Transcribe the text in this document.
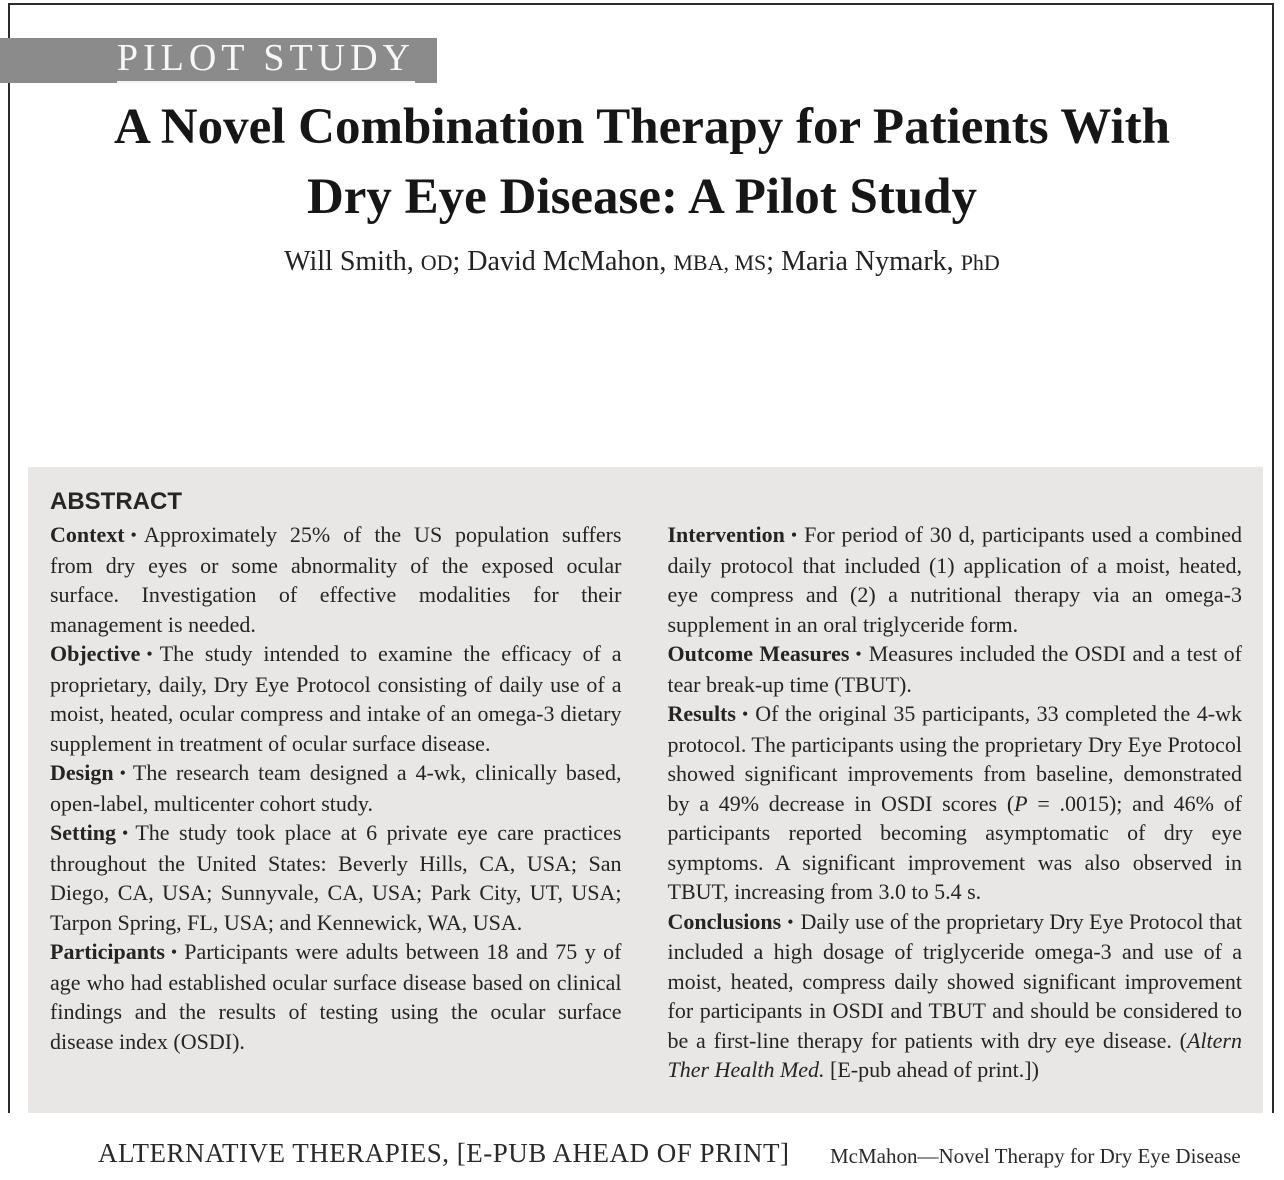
PILOT STUDY
A Novel Combination Therapy for Patients With
Dry Eye Disease: A Pilot Study
Will Smith, OD; David McMahon, MBA, MS; Maria Nymark, PhD
ABSTRACT

Context • Approximately 25% of the US population suffers from dry eyes or some abnormality of the exposed ocular surface. Investigation of effective modalities for their management is needed.

Objective • The study intended to examine the efficacy of a proprietary, daily, Dry Eye Protocol consisting of daily use of a moist, heated, ocular compress and intake of an omega-3 dietary supplement in treatment of ocular surface disease.

Design • The research team designed a 4-wk, clinically based, open-label, multicenter cohort study.

Setting • The study took place at 6 private eye care practices throughout the United States: Beverly Hills, CA, USA; San Diego, CA, USA; Sunnyvale, CA, USA; Park City, UT, USA; Tarpon Spring, FL, USA; and Kennewick, WA, USA.

Participants • Participants were adults between 18 and 75 y of age who had established ocular surface disease based on clinical findings and the results of testing using the ocular surface disease index (OSDI).

Intervention • For period of 30 d, participants used a combined daily protocol that included (1) application of a moist, heated, eye compress and (2) a nutritional therapy via an omega-3 supplement in an oral triglyceride form.

Outcome Measures • Measures included the OSDI and a test of tear break-up time (TBUT).

Results • Of the original 35 participants, 33 completed the 4-wk protocol. The participants using the proprietary Dry Eye Protocol showed significant improvements from baseline, demonstrated by a 49% decrease in OSDI scores (P = .0015); and 46% of participants reported becoming asymptomatic of dry eye symptoms. A significant improvement was also observed in TBUT, increasing from 3.0 to 5.4 s.

Conclusions • Daily use of the proprietary Dry Eye Protocol that included a high dosage of triglyceride omega-3 and use of a moist, heated, compress daily showed significant improvement for participants in OSDI and TBUT and should be considered to be a first-line therapy for patients with dry eye disease. (Altern Ther Health Med. [E-pub ahead of print.])

ALTERNATIVE THERAPIES, [E-PUB AHEAD OF PRINT] McMahon—Novel Therapy for Dry Eye Disease
